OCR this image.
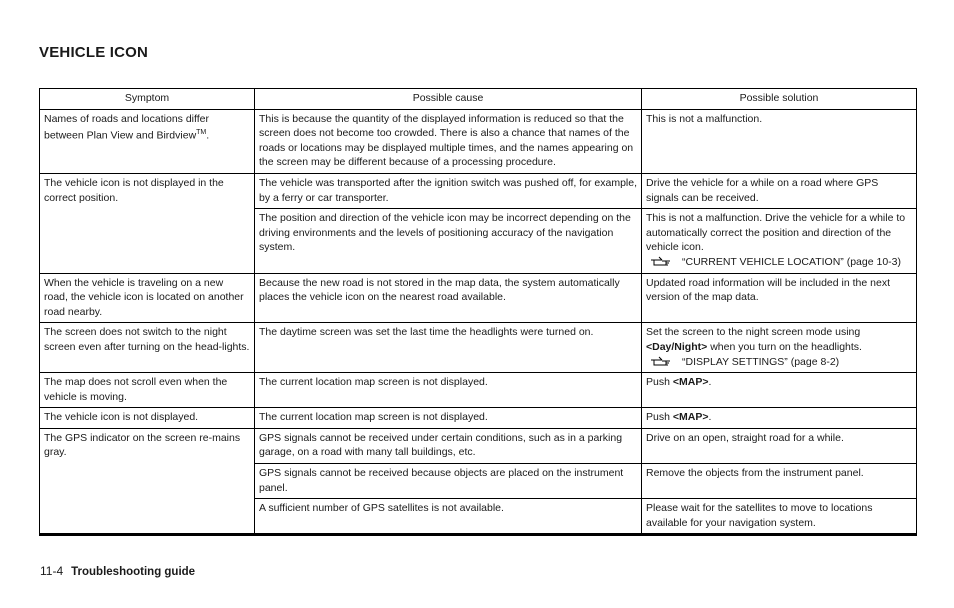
VEHICLE ICON
Symptom	Possible cause	Possible solution
Names of roads and locations differ between Plan View and Birdview™.	This is because the quantity of the displayed information is reduced so that the screen does not become too crowded. There is also a chance that names of the roads or locations may be displayed multiple times, and the names appearing on the screen may be different because of a processing procedure.	This is not a malfunction.
The vehicle icon is not displayed in the correct position.	The vehicle was transported after the ignition switch was pushed off, for example, by a ferry or car transporter.	Drive the vehicle for a while on a road where GPS signals can be received.
	The position and direction of the vehicle icon may be incorrect depending on the driving environments and the levels of positioning accuracy of the navigation system.	This is not a malfunction. Drive the vehicle for a while to automatically correct the position and direction of the vehicle icon.
“CURRENT VEHICLE LOCATION” (page 10-3)

When the vehicle is traveling on a new road, the vehicle icon is located on another road nearby.	Because the new road is not stored in the map data, the system automatically places the vehicle icon on the nearest road available.	Updated road information will be included in the next version of the map data.
The screen does not switch to the night screen even after turning on the head-lights.	The daytime screen was set the last time the headlights were turned on.	Set the screen to the night screen mode using <Day/Night> when you turn on the headlights.
“DISPLAY SETTINGS” (page 8-2)

The map does not scroll even when the vehicle is moving.	The current location map screen is not displayed.	Push <MAP>.
The vehicle icon is not displayed.	The current location map screen is not displayed.	Push <MAP>.
The GPS indicator on the screen re-mains gray.	GPS signals cannot be received under certain conditions, such as in a parking garage, on a road with many tall buildings, etc.	Drive on an open, straight road for a while.
	GPS signals cannot be received because objects are placed on the instrument panel.	Remove the objects from the instrument panel.
	A sufficient number of GPS satellites is not available.	Please wait for the satellites to move to locations available for your navigation system.
11-4 Troubleshooting guide
